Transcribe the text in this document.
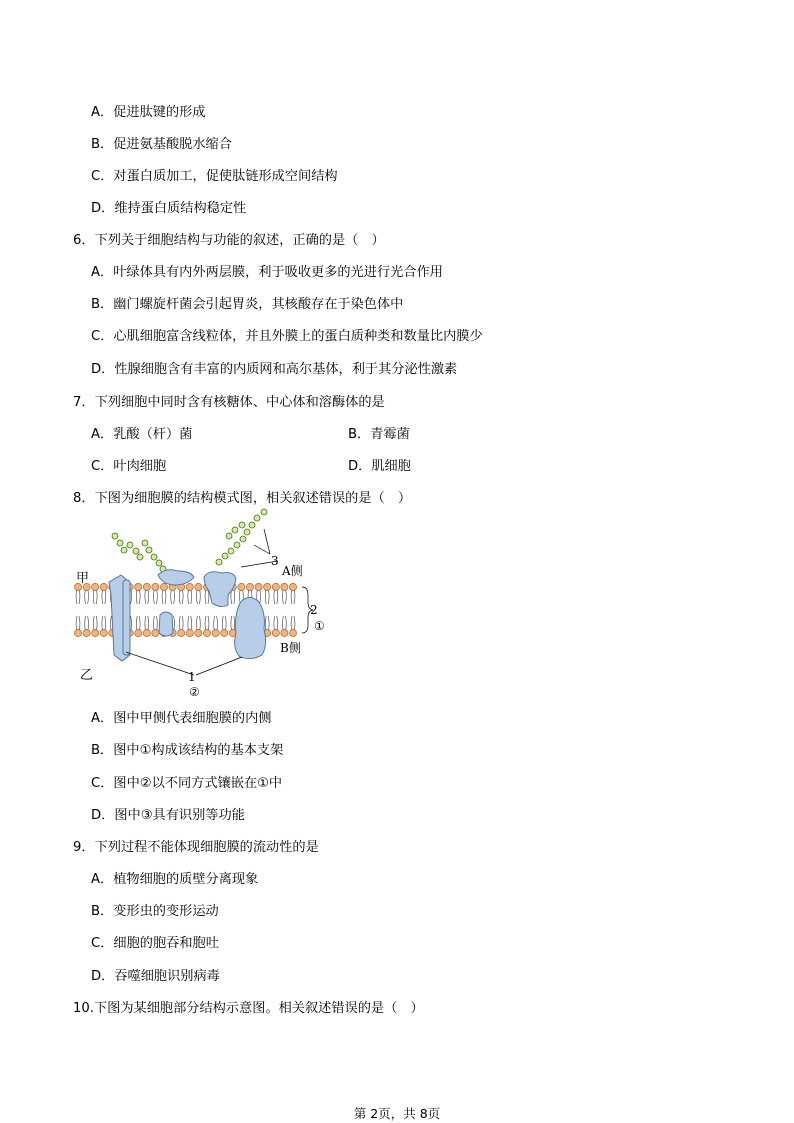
A．促进肽键的形成
B．促进氨基酸脱水缩合
C．对蛋白质加工，促使肽链形成空间结构
D．维持蛋白质结构稳定性
6．下列关于细胞结构与功能的叙述，正确的是（　）
A．叶绿体具有内外两层膜，利于吸收更多的光进行光合作用
B．幽门螺旋杆菌会引起胃炎，其核酸存在于染色体中
C．心肌细胞富含线粒体，并且外膜上的蛋白质种类和数量比内膜少
D．性腺细胞含有丰富的内质网和高尔基体，利于其分泌性激素
7．下列细胞中同时含有核糖体、中心体和溶酶体的是
A．乳酸（杆）菌	B．青霉菌
C．叶肉细胞	D．肌细胞
8．下图为细胞膜的结构模式图，相关叙述错误的是（　）
甲
乙
3
A侧
2
①
B侧
1
②
A．图中甲侧代表细胞膜的内侧
B．图中①构成该结构的基本支架
C．图中②以不同方式镶嵌在①中
D．图中③具有识别等功能
9．下列过程不能体现细胞膜的流动性的是
A．植物细胞的质壁分离现象
B．变形虫的变形运动
C．细胞的胞吞和胞吐
D．吞噬细胞识别病毒
10.下图为某细胞部分结构示意图。相关叙述错误的是（　）
第 2页，共 8页
